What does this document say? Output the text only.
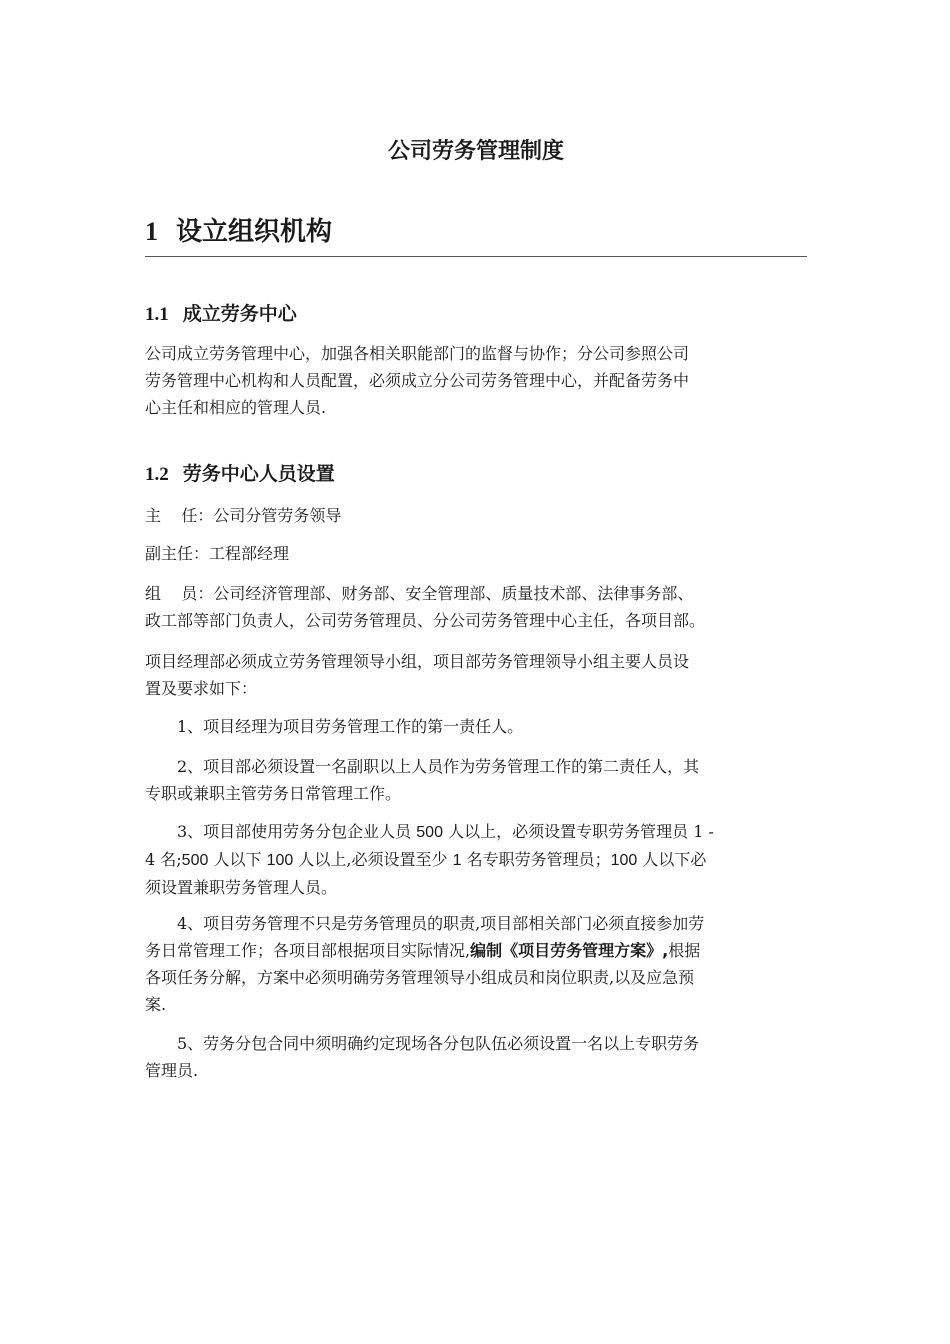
公司劳务管理制度
1 设立组织机构
1.1 成立劳务中心
公司成立劳务管理中心，加强各相关职能部门的监督与协作；分公司参照公司
劳务管理中心机构和人员配置，必须成立分公司劳务管理中心，并配备劳务中
心主任和相应的管理人员.
1.2 劳务中心人员设置
主    任：公司分管劳务领导
副主任：工程部经理
组    员：公司经济管理部、财务部、安全管理部、质量技术部、法律事务部、
政工部等部门负责人，公司劳务管理员、分公司劳务管理中心主任，各项目部。
项目经理部必须成立劳务管理领导小组，项目部劳务管理领导小组主要人员设
置及要求如下：
1、项目经理为项目劳务管理工作的第一责任人。
2、项目部必须设置一名副职以上人员作为劳务管理工作的第二责任人，其
专职或兼职主管劳务日常管理工作。
3、项目部使用劳务分包企业人员 500 人以上，必须设置专职劳务管理员 1 -
4 名;500 人以下 100 人以上,必须设置至少 1 名专职劳务管理员；100 人以下必
须设置兼职劳务管理人员。
4、项目劳务管理不只是劳务管理员的职责,项目部相关部门必须直接参加劳
务日常管理工作；各项目部根据项目实际情况,编制《项目劳务管理方案》,根据
各项任务分解，方案中必须明确劳务管理领导小组成员和岗位职责,以及应急预
案.
5、劳务分包合同中须明确约定现场各分包队伍必须设置一名以上专职劳务
管理员.
